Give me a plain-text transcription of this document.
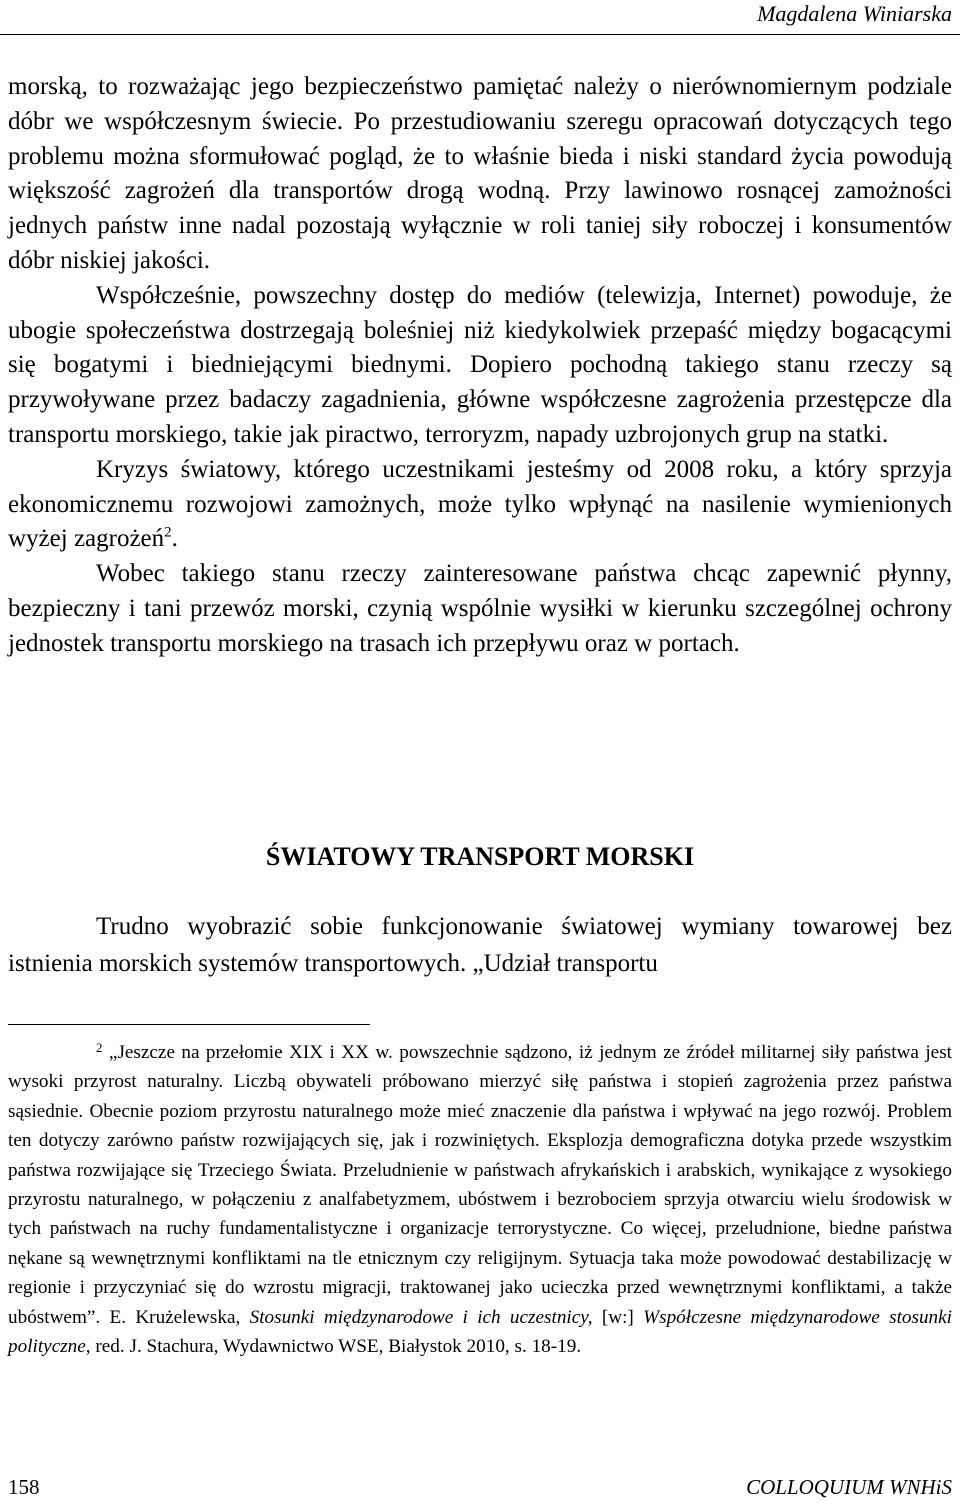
Magdalena Winiarska

morską, to rozważając jego bezpieczeństwo pamiętać należy o nierównomiernym podziale dóbr we współczesnym świecie. Po przestudiowaniu szeregu opracowań dotyczących tego problemu można sformułować pogląd, że to właśnie bieda i niski standard życia powodują większość zagrożeń dla transportów drogą wodną. Przy lawinowo rosnącej zamożności jednych państw inne nadal pozostają wyłącznie w roli taniej siły roboczej i konsumentów dóbr niskiej jakości.

Współcześnie, powszechny dostęp do mediów (telewizja, Internet) powoduje, że ubogie społeczeństwa dostrzegają boleśniej niż kiedykolwiek przepaść między bogacącymi się bogatymi i biedniejącymi biednymi. Dopiero pochodną takiego stanu rzeczy są przywoływane przez badaczy zagadnienia, główne współczesne zagrożenia przestępcze dla transportu morskiego, takie jak piractwo, terroryzm, napady uzbrojonych grup na statki.

Kryzys światowy, którego uczestnikami jesteśmy od 2008 roku, a który sprzyja ekonomicznemu rozwojowi zamożnych, może tylko wpłynąć na nasilenie wymienionych wyżej zagrożeń$^2$.

Wobec takiego stanu rzeczy zainteresowane państwa chcąc zapewnić płynny, bezpieczny i tani przewóz morski, czynią wspólnie wysiłki w kierunku szczególnej ochrony jednostek transportu morskiego na trasach ich przepływu oraz w portach.

ŚWIATOWY TRANSPORT MORSKI

Trudno wyobrazić sobie funkcjonowanie światowej wymiany towarowej bez istnienia morskich systemów transportowych. „Udział transportu

$^2$ „Jeszcze na przełomie XIX i XX w. powszechnie sądzono, iż jednym ze źródeł militarnej siły państwa jest wysoki przyrost naturalny. Liczbą obywateli próbowano mierzyć siłę państwa i stopień zagrożenia przez państwa sąsiednie. Obecnie poziom przyrostu naturalnego może mieć znaczenie dla państwa i wpływać na jego rozwój. Problem ten dotyczy zarówno państw rozwijających się, jak i rozwiniętych. Eksplozja demograficzna dotyka przede wszystkim państwa rozwijające się Trzeciego Świata. Przeludnienie w państwach afrykańskich i arabskich, wynikające z wysokiego przyrostu naturalnego, w połączeniu z analfabetyzmem, ubóstwem i bezrobociem sprzyja otwarciu wielu środowisk w tych państwach na ruchy fundamentalistyczne i organizacje terrorystyczne. Co więcej, przeludnione, biedne państwa nękane są wewnętrznymi konfliktami na tle etnicznym czy religijnym. Sytuacja taka może powodować destabilizację w regionie i przyczyniać się do wzrostu migracji, traktowanej jako ucieczka przed wewnętrznymi konfliktami, a także ubóstwem”. E. Krużelewska, Stosunki międzynarodowe i ich uczestnicy, [w:] Współczesne międzynarodowe stosunki polityczne, red. J. Stachura, Wydawnictwo WSE, Białystok 2010, s. 18-19.

158	COLLOQUIUM WNHiS
